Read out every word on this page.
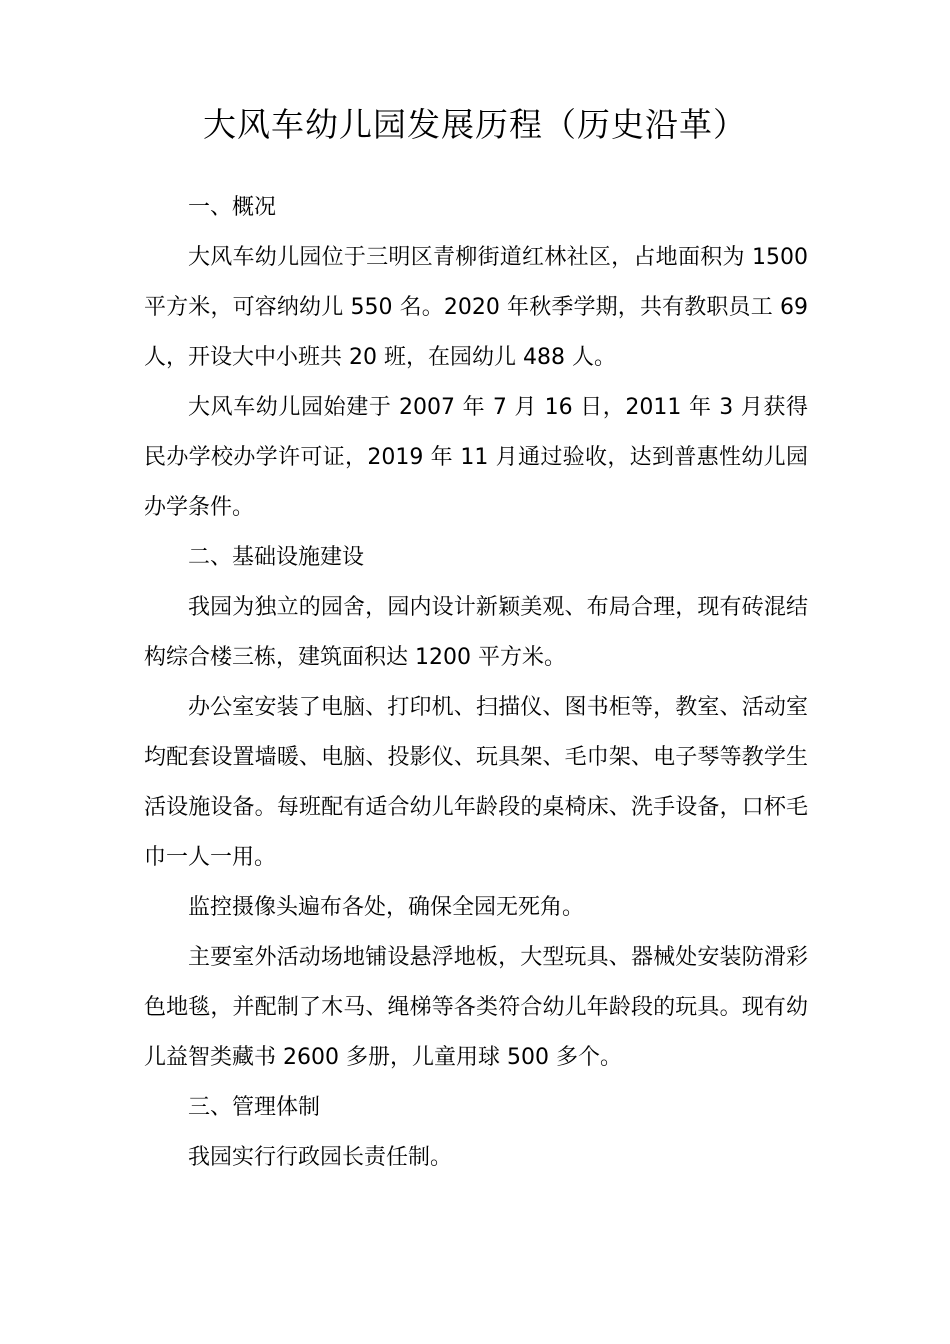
大风车幼儿园发展历程（历史沿革）
一、概况

大风车幼儿园位于三明区青柳街道红林社区，占地面积为 1500 平方米，可容纳幼儿 550 名。2020 年秋季学期，共有教职员工 69 人，开设大中小班共 20 班，在园幼儿 488 人。

大风车幼儿园始建于 2007 年 7 月 16 日，2011 年 3 月获得民办学校办学许可证，2019 年 11 月通过验收，达到普惠性幼儿园办学条件。

二、基础设施建设

我园为独立的园舍，园内设计新颖美观、布局合理，现有砖混结构综合楼三栋，建筑面积达 1200 平方米。

办公室安装了电脑、打印机、扫描仪、图书柜等，教室、活动室均配套设置墙暖、电脑、投影仪、玩具架、毛巾架、电子琴等教学生活设施设备。每班配有适合幼儿年龄段的桌椅床、洗手设备，口杯毛巾一人一用。

监控摄像头遍布各处，确保全园无死角。

主要室外活动场地铺设悬浮地板，大型玩具、器械处安装防滑彩色地毯，并配制了木马、绳梯等各类符合幼儿年龄段的玩具。现有幼儿益智类藏书 2600 多册，儿童用球 500 多个。

三、管理体制

我园实行行政园长责任制。
